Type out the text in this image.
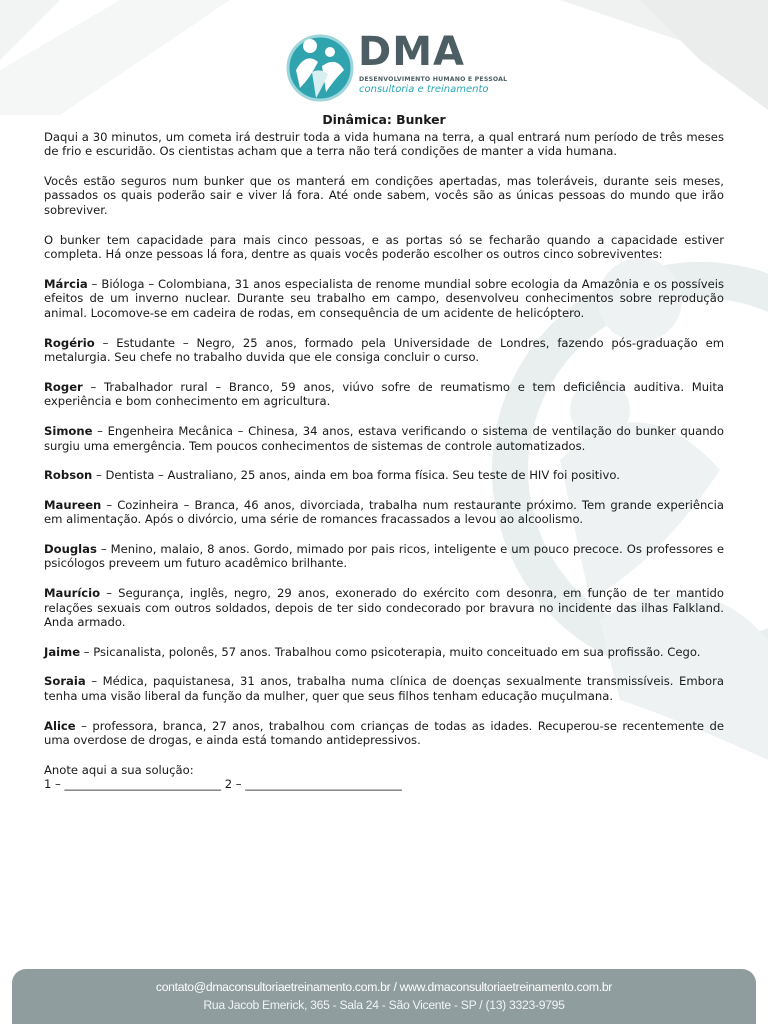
DMA
DESENVOLVIMENTO HUMANO E PESSOAL
consultoria e treinamento
Dinâmica: Bunker

Daqui a 30 minutos, um cometa irá destruir toda a vida humana na terra, a qual entrará num período de três meses de frio e escuridão. Os cientistas acham que a terra não terá condições de manter a vida humana.

Vocês estão seguros num bunker que os manterá em condições apertadas, mas toleráveis, durante seis meses, passados os quais poderão sair e viver lá fora. Até onde sabem, vocês são as únicas pessoas do mundo que irão sobreviver.

O bunker tem capacidade para mais cinco pessoas, e as portas só se fecharão quando a capacidade estiver completa. Há onze pessoas lá fora, dentre as quais vocês poderão escolher os outros cinco sobreviventes:

Márcia – Bióloga – Colombiana, 31 anos especialista de renome mundial sobre ecologia da Amazônia e os possíveis efeitos de um inverno nuclear. Durante seu trabalho em campo, desenvolveu conhecimentos sobre reprodução animal. Locomove-se em cadeira de rodas, em consequência de um acidente de helicóptero.

Rogério – Estudante – Negro, 25 anos, formado pela Universidade de Londres, fazendo pós-graduação em metalurgia. Seu chefe no trabalho duvida que ele consiga concluir o curso.

Roger – Trabalhador rural – Branco, 59 anos, viúvo sofre de reumatismo e tem deficiência auditiva. Muita experiência e bom conhecimento em agricultura.

Simone – Engenheira Mecânica – Chinesa, 34 anos, estava verificando o sistema de ventilação do bunker quando surgiu uma emergência. Tem poucos conhecimentos de sistemas de controle automatizados.

Robson – Dentista – Australiano, 25 anos, ainda em boa forma física. Seu teste de HIV foi positivo.

Maureen – Cozinheira – Branca, 46 anos, divorciada, trabalha num restaurante próximo. Tem grande experiência em alimentação. Após o divórcio, uma série de romances fracassados a levou ao alcoolismo.

Douglas – Menino, malaio, 8 anos. Gordo, mimado por pais ricos, inteligente e um pouco precoce. Os professores e psicólogos preveem um futuro acadêmico brilhante.

Maurício – Segurança, inglês, negro, 29 anos, exonerado do exército com desonra, em função de ter mantido relações sexuais com outros soldados, depois de ter sido condecorado por bravura no incidente das ilhas Falkland. Anda armado.

Jaime – Psicanalista, polonês, 57 anos. Trabalhou como psicoterapia, muito conceituado em sua profissão. Cego.

Soraia – Médica, paquistanesa, 31 anos, trabalha numa clínica de doenças sexualmente transmissíveis. Embora tenha uma visão liberal da função da mulher, quer que seus filhos tenham educação muçulmana.

Alice – professora, branca, 27 anos, trabalhou com crianças de todas as idades. Recuperou-se recentemente de uma overdose de drogas, e ainda está tomando antidepressivos.

Anote aqui a sua solução:

1 – ___________________________ 2 – ___________________________

contato@dmaconsultoriaetreinamento.com.br / www.dmaconsultoriaetreinamento.com.br
Rua Jacob Emerick, 365 - Sala 24 - São Vicente - SP / (13) 3323-9795
